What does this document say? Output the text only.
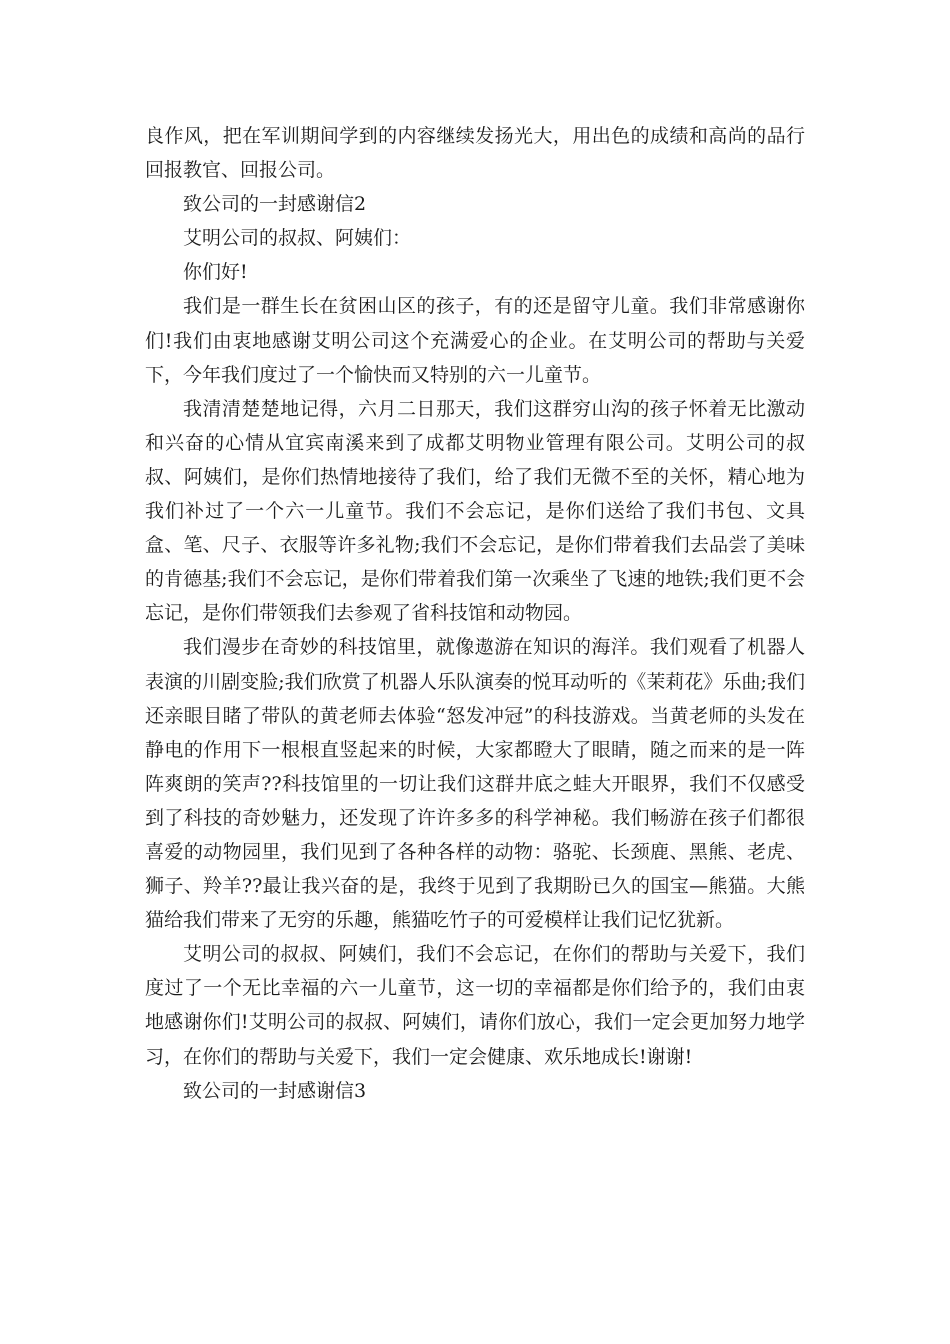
良作风，把在军训期间学到的内容继续发扬光大，用出色的成绩和高尚的品行回报教官、回报公司。

致公司的一封感谢信2

艾明公司的叔叔、阿姨们：

你们好!

我们是一群生长在贫困山区的孩子，有的还是留守儿童。我们非常感谢你们!我们由衷地感谢艾明公司这个充满爱心的企业。在艾明公司的帮助与关爱下，今年我们度过了一个愉快而又特别的六一儿童节。

我清清楚楚地记得，六月二日那天，我们这群穷山沟的孩子怀着无比激动和兴奋的心情从宜宾南溪来到了成都艾明物业管理有限公司。艾明公司的叔叔、阿姨们，是你们热情地接待了我们，给了我们无微不至的关怀，精心地为我们补过了一个六一儿童节。我们不会忘记，是你们送给了我们书包、文具盒、笔、尺子、衣服等许多礼物;我们不会忘记，是你们带着我们去品尝了美味的肯德基;我们不会忘记，是你们带着我们第一次乘坐了飞速的地铁;我们更不会忘记，是你们带领我们去参观了省科技馆和动物园。

我们漫步在奇妙的科技馆里，就像遨游在知识的海洋。我们观看了机器人表演的川剧变脸;我们欣赏了机器人乐队演奏的悦耳动听的《茉莉花》乐曲;我们还亲眼目睹了带队的黄老师去体验“怒发冲冠”的科技游戏。当黄老师的头发在静电的作用下一根根直竖起来的时候，大家都瞪大了眼睛，随之而来的是一阵阵爽朗的笑声??科技馆里的一切让我们这群井底之蛙大开眼界，我们不仅感受到了科技的奇妙魅力，还发现了许许多多的科学神秘。我们畅游在孩子们都很喜爱的动物园里，我们见到了各种各样的动物：骆驼、长颈鹿、黑熊、老虎、狮子、羚羊??最让我兴奋的是，我终于见到了我期盼已久的国宝—熊猫。大熊猫给我们带来了无穷的乐趣，熊猫吃竹子的可爱模样让我们记忆犹新。

艾明公司的叔叔、阿姨们，我们不会忘记，在你们的帮助与关爱下，我们度过了一个无比幸福的六一儿童节，这一切的幸福都是你们给予的，我们由衷地感谢你们!艾明公司的叔叔、阿姨们，请你们放心，我们一定会更加努力地学习，在你们的帮助与关爱下，我们一定会健康、欢乐地成长!谢谢!

致公司的一封感谢信3
